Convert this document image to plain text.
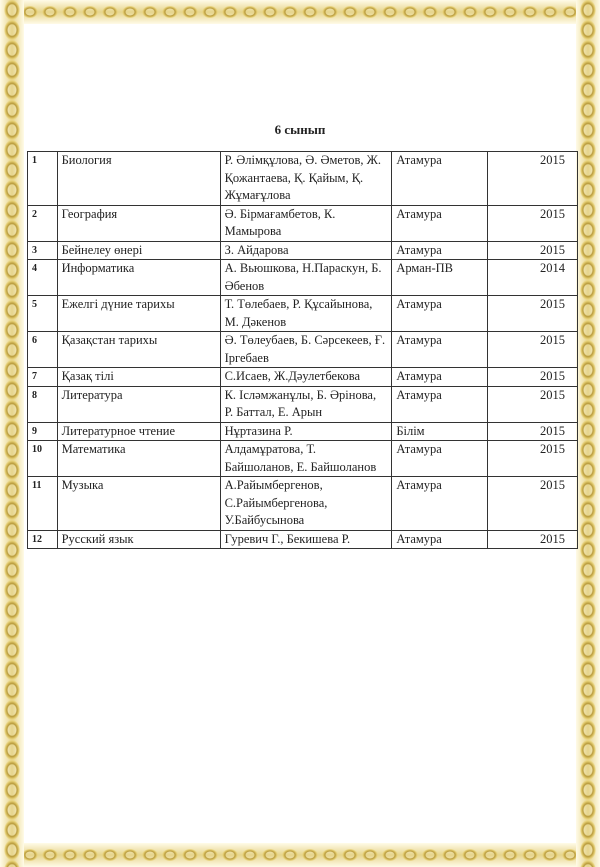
6 сынып
1	Биология	Р. Әлімқұлова, Ә. Әметов, Ж. Қожантаева, Қ. Қайым, Қ. Жұмағұлова	Атамура	2015
2	География	Ә. Бірмағамбетов, К. Мамырова	Атамура	2015
3	Бейнелеу өнері	З. Айдарова	Атамура	2015
4	Информатика	А. Вьюшкова, Н.Параскун, Б. Әбенов	Арман-ПВ	2014
5	Ежелгі дүние тарихы	Т. Төлебаев, Р. Құсайынова, М. Дәкенов	Атамура	2015
6	Қазақстан тарихы	Ә. Төлеубаев, Б. Сәрсекеев, Ғ. Іргебаев	Атамура	2015
7	Қазақ тілі	С.Исаев, Ж.Дәулетбекова	Атамура	2015
8	Литература	К. Ісләмжанұлы, Б. Әрінова, Р. Баттал, Е. Арын	Атамура	2015
9	Литературное чтение	Нұртазина Р.	Білім	2015
10	Математика	Алдамұратова, Т. Байшоланов, Е. Байшоланов	Атамура	2015
11	Музыка	А.Райымбергенов, С.Райымбергенова, У.Байбусынова	Атамура	2015
12	Русский язык	Гуревич Г., Бекишева Р.	Атамура	2015
